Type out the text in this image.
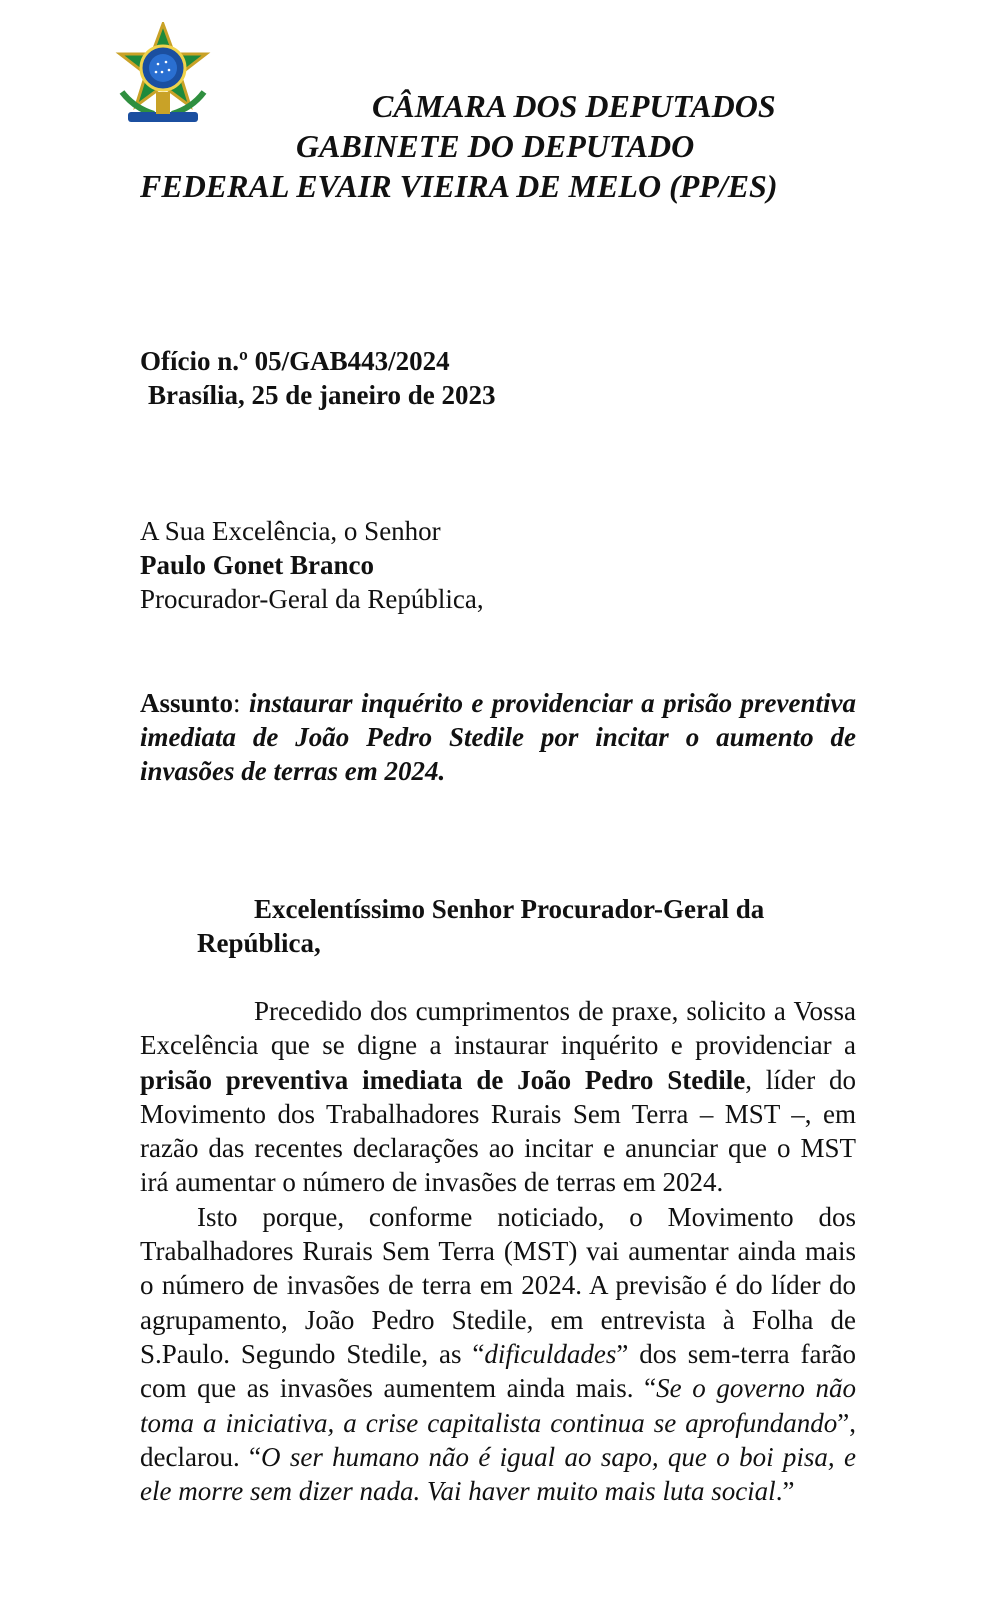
CÂMARA DOS DEPUTADOS
GABINETE DO DEPUTADO
FEDERAL EVAIR VIEIRA DE MELO (PP/ES)
Ofício n.º 05/GAB443/2024
Brasília, 25 de janeiro de 2023
A Sua Excelência, o Senhor
Paulo Gonet Branco
Procurador-Geral da República,
Assunto: instaurar inquérito e providenciar a prisão preventiva imediata de João Pedro Stedile por incitar o aumento de invasões de terras em 2024.
Excelentíssimo Senhor Procurador-Geral da
República,

Precedido dos cumprimentos de praxe, solicito a Vossa Excelência que se digne a instaurar inquérito e providenciar a prisão preventiva imediata de João Pedro Stedile, líder do Movimento dos Trabalhadores Rurais Sem Terra – MST –, em razão das recentes declarações ao incitar e anunciar que o MST irá aumentar o número de invasões de terras em 2024.

Isto porque, conforme noticiado, o Movimento dos Trabalhadores Rurais Sem Terra (MST) vai aumentar ainda mais o número de invasões de terra em 2024. A previsão é do líder do agrupamento, João Pedro Stedile, em entrevista à Folha de S.Paulo. Segundo Stedile, as “dificuldades” dos sem-terra farão com que as invasões aumentem ainda mais. “Se o governo não toma a iniciativa, a crise capitalista continua se aprofundando”, declarou. “O ser humano não é igual ao sapo, que o boi pisa, e ele morre sem dizer nada. Vai haver muito mais luta social.”
